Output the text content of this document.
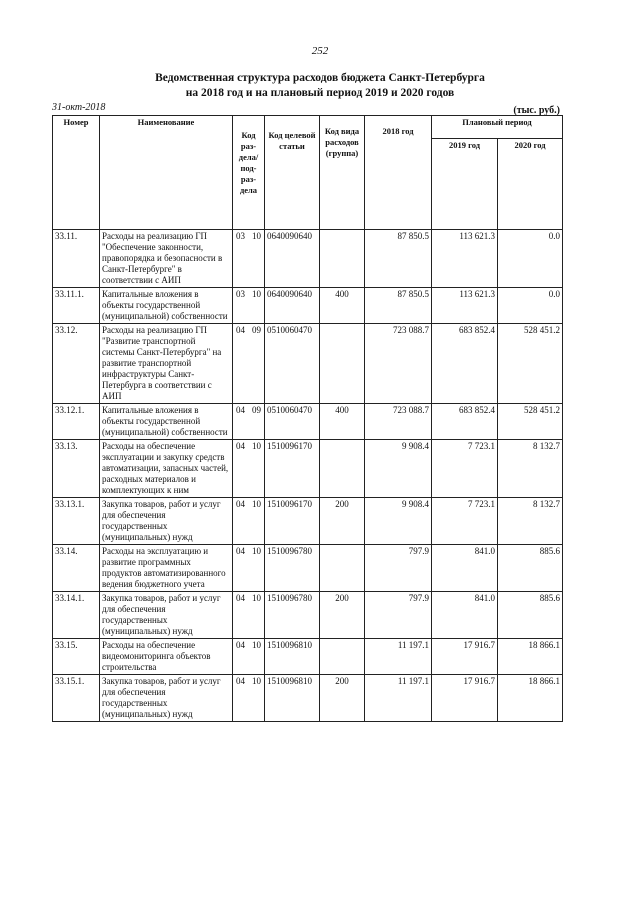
252
Ведомственная структура расходов бюджета Санкт-Петербурга
на 2018 год и на плановый период 2019 и 2020 годов
31-окт-2018	(тыс. руб.)
Номер	Наименование	Код раз- дела/ под- раз- дела	Код целевой статьи	Код вида расходов (группа)	2018 год	Плановый период	
						2019 год	2020 год
33.11.	Расходы на реализацию ГП "Обеспечение законности, правопорядка и безопасности в Санкт-Петербурге" в соответствии с АИП	03 10	0640090640		87 850.5	113 621.3	0.0
33.11.1.	Капитальные вложения в объекты государственной (муниципальной) собственности	03 10	0640090640	400	87 850.5	113 621.3	0.0
33.12.	Расходы на реализацию ГП "Развитие транспортной системы Санкт-Петербурга" на развитие транспортной инфраструктуры Санкт-Петербурга в соответствии с АИП	04 09	0510060470		723 088.7	683 852.4	528 451.2
33.12.1.	Капитальные вложения в объекты государственной (муниципальной) собственности	04 09	0510060470	400	723 088.7	683 852.4	528 451.2
33.13.	Расходы на обеспечение эксплуатации и закупку средств автоматизации, запасных частей, расходных материалов и комплектующих к ним	04 10	1510096170		9 908.4	7 723.1	8 132.7
33.13.1.	Закупка товаров, работ и услуг для обеспечения государственных (муниципальных) нужд	04 10	1510096170	200	9 908.4	7 723.1	8 132.7
33.14.	Расходы на эксплуатацию и развитие программных продуктов автоматизированного ведения бюджетного учета	04 10	1510096780		797.9	841.0	885.6
33.14.1.	Закупка товаров, работ и услуг для обеспечения государственных (муниципальных) нужд	04 10	1510096780	200	797.9	841.0	885.6
33.15.	Расходы на обеспечение видеомониторинга объектов строительства	04 10	1510096810		11 197.1	17 916.7	18 866.1
33.15.1.	Закупка товаров, работ и услуг для обеспечения государственных (муниципальных) нужд	04 10	1510096810	200	11 197.1	17 916.7	18 866.1
